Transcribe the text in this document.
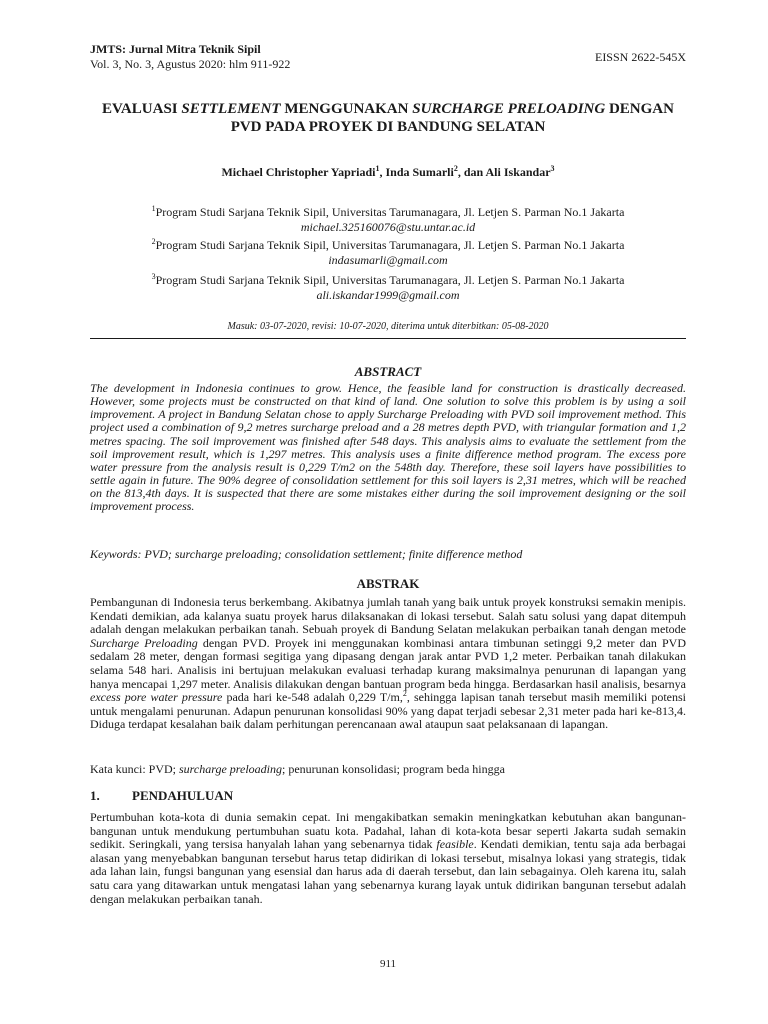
JMTS: Jurnal Mitra Teknik Sipil
Vol. 3, No. 3, Agustus 2020: hlm 911-922	EISSN 2622-545X
EVALUASI SETTLEMENT MENGGUNAKAN SURCHARGE PRELOADING DENGAN
PVD PADA PROYEK DI BANDUNG SELATAN
Michael Christopher Yapriadi$^1$, Inda Sumarli$^2$, dan Ali Iskandar$^3$
$^1$Program Studi Sarjana Teknik Sipil, Universitas Tarumanagara, Jl. Letjen S. Parman No.1 Jakarta
michael.325160076@stu.untar.ac.id
$^2$Program Studi Sarjana Teknik Sipil, Universitas Tarumanagara, Jl. Letjen S. Parman No.1 Jakarta
indasumarli@gmail.com
$^3$Program Studi Sarjana Teknik Sipil, Universitas Tarumanagara, Jl. Letjen S. Parman No.1 Jakarta
ali.iskandar1999@gmail.com
Masuk: 03-07-2020, revisi: 10-07-2020, diterima untuk diterbitkan: 05-08-2020
ABSTRACT

The development in Indonesia continues to grow. Hence, the feasible land for construction is drastically decreased. However, some projects must be constructed on that kind of land. One solution to solve this problem is by using a soil improvement. A project in Bandung Selatan chose to apply Surcharge Preloading with PVD soil improvement method. This project used a combination of 9,2 metres surcharge preload and a 28 metres depth PVD, with triangular formation and 1,2 metres spacing. The soil improvement was finished after 548 days. This analysis aims to evaluate the settlement from the soil improvement result, which is 1,297 metres. This analysis uses a finite difference method program. The excess pore water pressure from the analysis result is 0,229 T/m2 on the 548th day. Therefore, these soil layers have possibilities to settle again in future. The 90% degree of consolidation settlement for this soil layers is 2,31 metres, which will be reached on the 813,4th days. It is suspected that there are some mistakes either during the soil improvement designing or the soil improvement process.

Keywords: PVD; surcharge preloading; consolidation settlement; finite difference method

ABSTRAK

Pembangunan di Indonesia terus berkembang. Akibatnya jumlah tanah yang baik untuk proyek konstruksi semakin menipis. Kendati demikian, ada kalanya suatu proyek harus dilaksanakan di lokasi tersebut. Salah satu solusi yang dapat ditempuh adalah dengan melakukan perbaikan tanah. Sebuah proyek di Bandung Selatan melakukan perbaikan tanah dengan metode Surcharge Preloading dengan PVD. Proyek ini menggunakan kombinasi antara timbunan setinggi 9,2 meter dan PVD sedalam 28 meter, dengan formasi segitiga yang dipasang dengan jarak antar PVD 1,2 meter. Perbaikan tanah dilakukan selama 548 hari. Analisis ini bertujuan melakukan evaluasi terhadap kurang maksimalnya penurunan di lapangan yang hanya mencapai 1,297 meter. Analisis dilakukan dengan bantuan program beda hingga. Berdasarkan hasil analisis, besarnya excess pore water pressure pada hari ke-548 adalah 0,229 T/m,$^2$, sehingga lapisan tanah tersebut masih memiliki potensi untuk mengalami penurunan. Adapun penurunan konsolidasi 90% yang dapat terjadi sebesar 2,31 meter pada hari ke-813,4. Diduga terdapat kesalahan baik dalam perhitungan perencanaan awal ataupun saat pelaksanaan di lapangan.

Kata kunci: PVD; surcharge preloading; penurunan konsolidasi; program beda hingga

1. PENDAHULUAN

Pertumbuhan kota-kota di dunia semakin cepat. Ini mengakibatkan semakin meningkatkan kebutuhan akan bangunan-bangunan untuk mendukung pertumbuhan suatu kota. Padahal, lahan di kota-kota besar seperti Jakarta sudah semakin sedikit. Seringkali, yang tersisa hanyalah lahan yang sebenarnya tidak feasible. Kendati demikian, tentu saja ada berbagai alasan yang menyebabkan bangunan tersebut harus tetap didirikan di lokasi tersebut, misalnya lokasi yang strategis, tidak ada lahan lain, fungsi bangunan yang esensial dan harus ada di daerah tersebut, dan lain sebagainya. Oleh karena itu, salah satu cara yang ditawarkan untuk mengatasi lahan yang sebenarnya kurang layak untuk didirikan bangunan tersebut adalah dengan melakukan perbaikan tanah.

911
